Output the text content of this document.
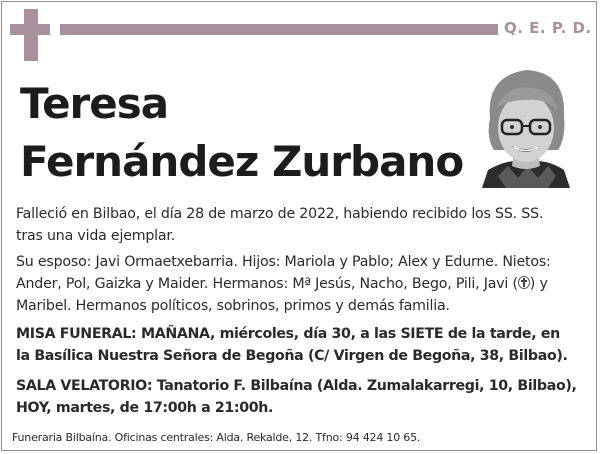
Q. E. P. D.
Teresa
Fernández Zurbano
Falleció en Bilbao, el día 28 de marzo de 2022, habiendo recibido los SS. SS.
tras una vida ejemplar.
Su esposo: Javi Ormaetxebarria. Hijos: Mariola y Pablo; Alex y Edurne. Nietos:
Ander, Pol, Gaizka y Maider. Hermanos: Mª Jesús, Nacho, Bego, Pili, Javi ( ) y
Maribel. Hermanos políticos, sobrinos, primos y demás familia.
MISA FUNERAL: MAÑANA, miércoles, día 30, a las SIETE de la tarde, en
la Basílica Nuestra Señora de Begoña (C/ Virgen de Begoña, 38, Bilbao).
SALA VELATORIO: Tanatorio F. Bilbaína (Alda. Zumalakarregi, 10, Bilbao),
HOY, martes, de 17:00h a 21:00h.
Funeraria Bilbaína. Oficinas centrales: Alda. Rekalde, 12. Tfno: 94 424 10 65.
